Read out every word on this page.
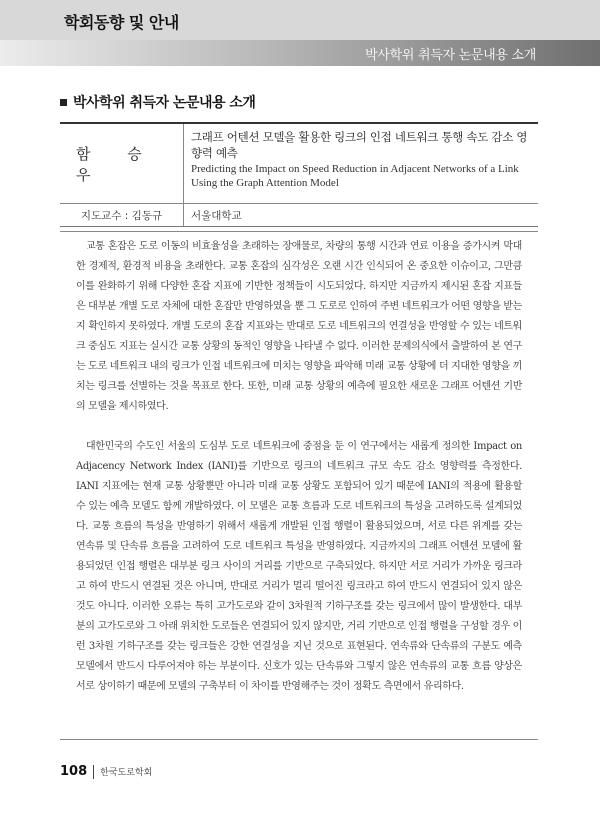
학회동향 및 안내
박사학위 취득자 논문내용 소개
박사학위 취득자 논문내용 소개
함 승 우
그래프 어텐션 모델을 활용한 링크의 인접 네트워크 통행 속도 감소 영향력 예측
Predicting the Impact on Speed Reduction in Adjacent Networks of a Link Using the Graph Attention Model
지도교수 : 김동규	서울대학교

교통 혼잡은 도로 이동의 비효율성을 초래하는 장애물로, 차량의 통행 시간과 연료 이용을 증가시켜 막대한 경제적, 환경적 비용을 초래한다. 교통 혼잡의 심각성은 오랜 시간 인식되어 온 중요한 이슈이고, 그만큼 이를 완화하기 위해 다양한 혼잡 지표에 기반한 정책들이 시도되었다. 하지만 지금까지 제시된 혼잡 지표들은 대부분 개별 도로 자체에 대한 혼잡만 반영하였을 뿐 그 도로로 인하여 주변 네트워크가 어떤 영향을 받는지 확인하지 못하였다. 개별 도로의 혼잡 지표와는 반대로 도로 네트워크의 연결성을 반영할 수 있는 네트워크 중심도 지표는 실시간 교통 상황의 동적인 영향을 나타낼 수 없다. 이러한 문제의식에서 출발하여 본 연구는 도로 네트워크 내의 링크가 인접 네트워크에 미치는 영향을 파악해 미래 교통 상황에 더 지대한 영향을 끼치는 링크를 선별하는 것을 목표로 한다. 또한, 미래 교통 상황의 예측에 필요한 새로운 그래프 어텐션 기반의 모델을 제시하였다.

대한민국의 수도인 서울의 도심부 도로 네트워크에 중점을 둔 이 연구에서는 새롭게 정의한 Impact on Adjacency Network Index (IANI)를 기반으로 링크의 네트워크 규모 속도 감소 영향력를 측정한다. IANI 지표에는 현재 교통 상황뿐만 아니라 미래 교통 상황도 포함되어 있기 때문에 IANI의 적용에 활용할 수 있는 예측 모델도 함께 개발하였다. 이 모델은 교통 흐름과 도로 네트워크의 특성을 고려하도록 설계되었다. 교통 흐름의 특성을 반영하기 위해서 새롭게 개발된 인접 행렬이 활용되었으며, 서로 다른 위계를 갖는 연속류 및 단속류 흐름을 고려하여 도로 네트워크 특성을 반영하였다. 지금까지의 그래프 어텐션 모델에 활용되었던 인접 행렬은 대부분 링크 사이의 거리를 기반으로 구축되었다. 하지만 서로 거리가 가까운 링크라고 하여 반드시 연결된 것은 아니며, 반대로 거리가 멀리 떨어진 링크라고 하여 반드시 연결되어 있지 않은 것도 아니다. 이러한 오류는 특히 고가도로와 같이 3차원적 기하구조를 갖는 링크에서 많이 발생한다. 대부분의 고가도로와 그 아래 위치한 도로들은 연결되어 있지 않지만, 거리 기반으로 인접 행렬을 구성할 경우 이런 3차원 기하구조를 갖는 링크들은 강한 연결성을 지닌 것으로 표현된다. 연속류와 단속류의 구분도 예측 모델에서 반드시 다루어져야 하는 부분이다. 신호가 있는 단속류와 그렇지 않은 연속류의 교통 흐름 양상은 서로 상이하기 때문에 모델의 구축부터 이 차이를 반영해주는 것이 정확도 측면에서 유리하다.

108 한국도로학회
